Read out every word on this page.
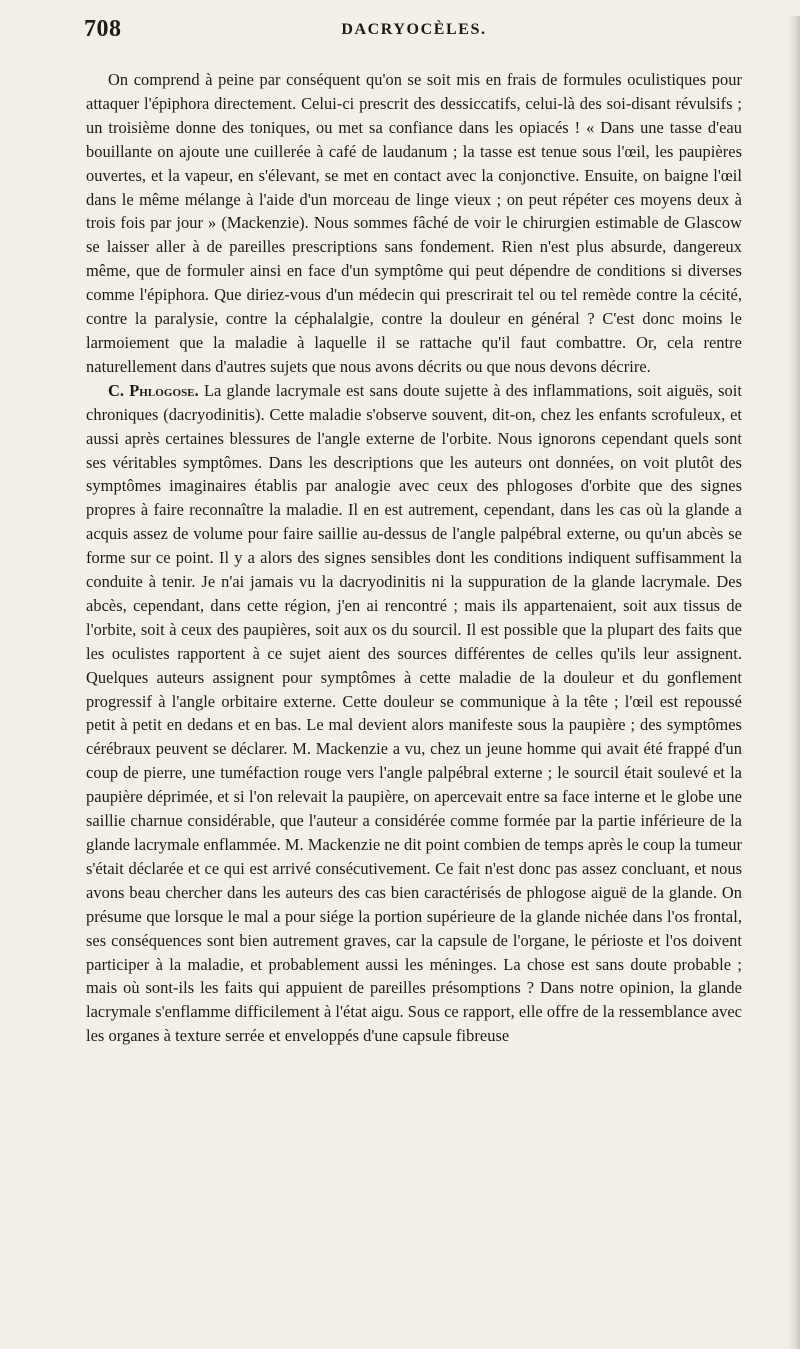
708	DACRYOCÈLES.

On comprend à peine par conséquent qu'on se soit mis en frais de formules oculistiques pour attaquer l'épiphora directement. Celui-ci prescrit des dessiccatifs, celui-là des soi-disant révulsifs ; un troisième donne des toniques, ou met sa confiance dans les opiacés ! « Dans une tasse d'eau bouillante on ajoute une cuillerée à café de laudanum ; la tasse est tenue sous l'œil, les paupières ouvertes, et la vapeur, en s'élevant, se met en contact avec la conjonctive. Ensuite, on baigne l'œil dans le même mélange à l'aide d'un morceau de linge vieux ; on peut répéter ces moyens deux à trois fois par jour » (Mackenzie). Nous sommes fâché de voir le chirurgien estimable de Glascow se laisser aller à de pareilles prescriptions sans fondement. Rien n'est plus absurde, dangereux même, que de formuler ainsi en face d'un symptôme qui peut dépendre de conditions si diverses comme l'épiphora. Que diriez-vous d'un médecin qui prescrirait tel ou tel remède contre la cécité, contre la paralysie, contre la céphalalgie, contre la douleur en général ? C'est donc moins le larmoiement que la maladie à laquelle il se rattache qu'il faut combattre. Or, cela rentre naturellement dans d'autres sujets que nous avons décrits ou que nous devons décrire.

C. Phlogose. La glande lacrymale est sans doute sujette à des inflammations, soit aiguës, soit chroniques (dacryodinitis). Cette maladie s'observe souvent, dit-on, chez les enfants scrofuleux, et aussi après certaines blessures de l'angle externe de l'orbite. Nous ignorons cependant quels sont ses véritables symptômes. Dans les descriptions que les auteurs ont données, on voit plutôt des symptômes imaginaires établis par analogie avec ceux des phlogoses d'orbite que des signes propres à faire reconnaître la maladie. Il en est autrement, cependant, dans les cas où la glande a acquis assez de volume pour faire saillie au-dessus de l'angle palpébral externe, ou qu'un abcès se forme sur ce point. Il y a alors des signes sensibles dont les conditions indiquent suffisamment la conduite à tenir. Je n'ai jamais vu la dacryodinitis ni la suppuration de la glande lacrymale. Des abcès, cependant, dans cette région, j'en ai rencontré ; mais ils appartenaient, soit aux tissus de l'orbite, soit à ceux des paupières, soit aux os du sourcil. Il est possible que la plupart des faits que les oculistes rapportent à ce sujet aient des sources différentes de celles qu'ils leur assignent. Quelques auteurs assignent pour symptômes à cette maladie de la douleur et du gonflement progressif à l'angle orbitaire externe. Cette douleur se communique à la tête ; l'œil est repoussé petit à petit en dedans et en bas. Le mal devient alors manifeste sous la paupière ; des symptômes cérébraux peuvent se déclarer. M. Mackenzie a vu, chez un jeune homme qui avait été frappé d'un coup de pierre, une tuméfaction rouge vers l'angle palpébral externe ; le sourcil était soulevé et la paupière déprimée, et si l'on relevait la paupière, on apercevait entre sa face interne et le globe une saillie charnue considérable, que l'auteur a considérée comme formée par la partie inférieure de la glande lacrymale enflammée. M. Mackenzie ne dit point combien de temps après le coup la tumeur s'était déclarée et ce qui est arrivé consécutivement. Ce fait n'est donc pas assez concluant, et nous avons beau chercher dans les auteurs des cas bien caractérisés de phlogose aiguë de la glande. On présume que lorsque le mal a pour siége la portion supérieure de la glande nichée dans l'os frontal, ses conséquences sont bien autrement graves, car la capsule de l'organe, le périoste et l'os doivent participer à la maladie, et probablement aussi les méninges. La chose est sans doute probable ; mais où sont-ils les faits qui appuient de pareilles présomptions ? Dans notre opinion, la glande lacrymale s'enflamme difficilement à l'état aigu. Sous ce rapport, elle offre de la ressemblance avec les organes à texture serrée et enveloppés d'une capsule fibreuse
